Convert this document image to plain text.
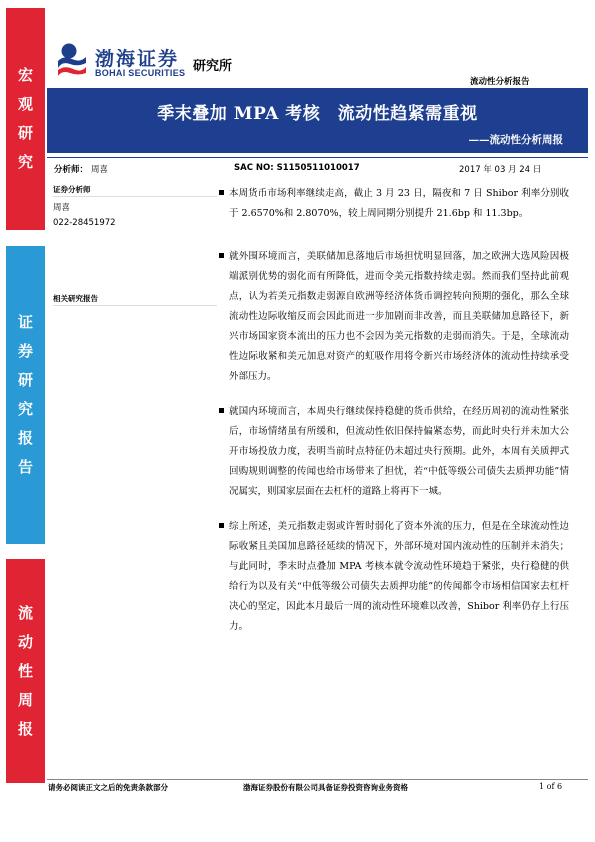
宏
观
研
究
证
券
研
究
报
告
流
动
性
周
报
渤海证券
BOHAI SECURITIES 研究所
流动性分析报告
季末叠加 MPA 考核　流动性趋紧需重视
——流动性分析周报
分析师： 周喜	SAC NO: S1150511010017	2017 年 03 月 24 日
证券分析师
周喜
022-28451972
相关研究报告

本周货币市场利率继续走高，截止 3 月 23 日，隔夜和 7 日 Shibor 利率分别收于 2.6570%和 2.8070%，较上周同期分别提升 21.6bp 和 11.3bp。

就外围环境而言，美联储加息落地后市场担忧明显回落，加之欧洲大选风险因极端派别优势的弱化而有所降低，进而令美元指数持续走弱。然而我们坚持此前观点，认为若美元指数走弱源自欧洲等经济体货币调控转向预期的强化，那么全球流动性边际收缩反而会因此而进一步加剧而非改善，而且美联储加息路径下，新兴市场国家资本流出的压力也不会因为美元指数的走弱而消失。于是，全球流动性边际收紧和美元加息对资产的虹吸作用将令新兴市场经济体的流动性持续承受外部压力。

就国内环境而言，本周央行继续保持稳健的货币供给，在经历周初的流动性紧张后，市场情绪虽有所缓和，但流动性依旧保持偏紧态势，而此时央行并未加大公开市场投放力度，表明当前时点特征仍未超过央行预期。此外，本周有关质押式回购规则调整的传闻也给市场带来了担忧，若“中低等级公司债失去质押功能”情况属实，则国家层面在去杠杆的道路上将再下一城。

综上所述，美元指数走弱或许暂时弱化了资本外流的压力，但是在全球流动性边际收紧且美国加息路径延续的情况下，外部环境对国内流动性的压制并未消失；与此同时，季末时点叠加 MPA 考核本就令流动性环境趋于紧张，央行稳健的供给行为以及有关“中低等级公司债失去质押功能”的传闻都令市场相信国家去杠杆决心的坚定，因此本月最后一周的流动性环境难以改善，Shibor 利率仍存上行压力。

请务必阅读正文之后的免责条款部分	渤海证券股份有限公司具备证券投资咨询业务资格	1 of 6
